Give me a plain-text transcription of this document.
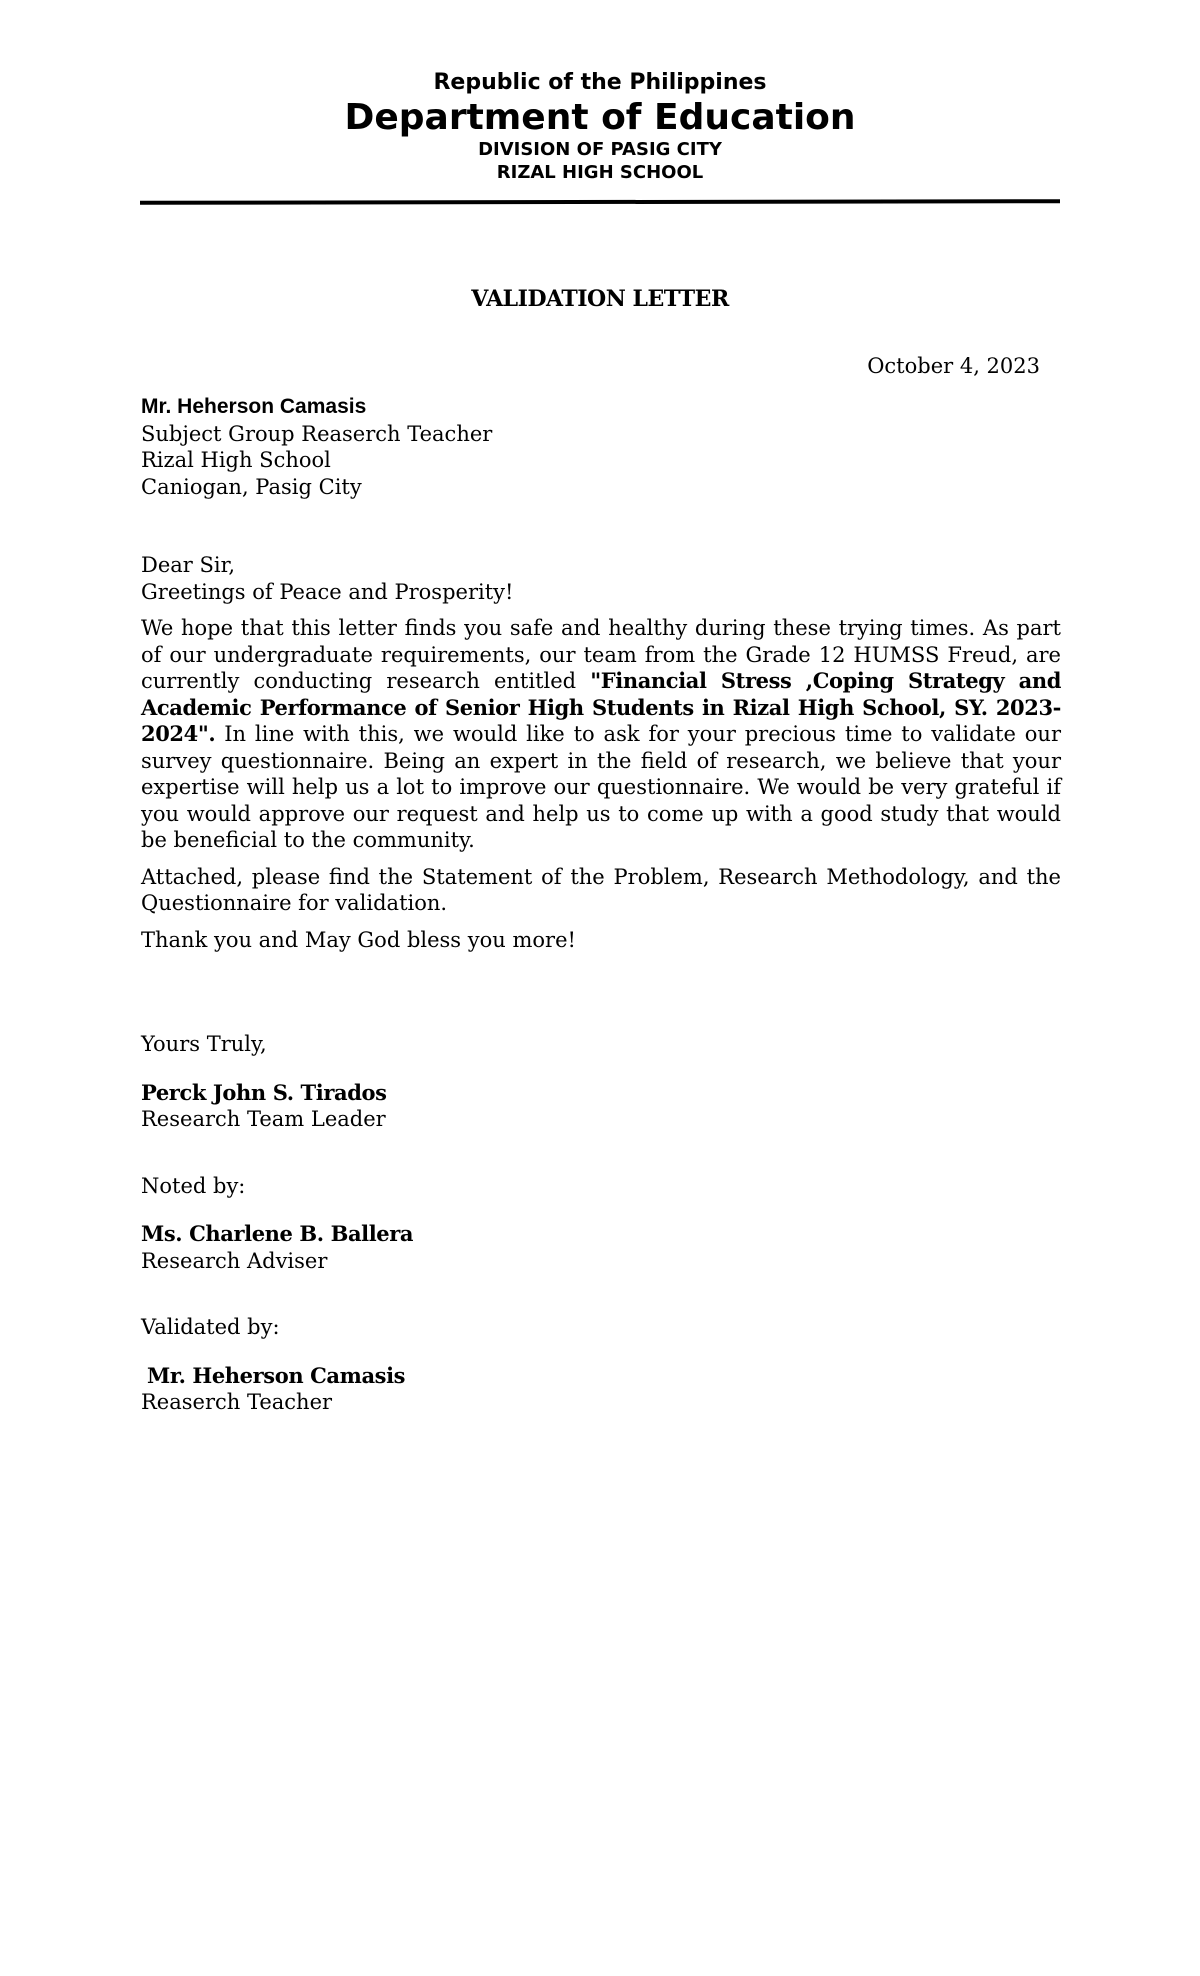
Republic of the Philippines
Department of Education
DIVISION OF PASIG CITY
RIZAL HIGH SCHOOL
VALIDATION LETTER
October 4, 2023
Mr. Heherson Camasis
Subject Group Reaserch Teacher
Rizal High School
Caniogan, Pasig City
Dear Sir,
Greetings of Peace and Prosperity!

We hope that this letter finds you safe and healthy during these trying times. As part of our undergraduate requirements, our team from the Grade 12 HUMSS Freud, are currently conducting research entitled "Financial Stress ,Coping Strategy and Academic Performance of Senior High Students in Rizal High School, SY. 2023-2024". In line with this, we would like to ask for your precious time to validate our survey questionnaire. Being an expert in the field of research, we believe that your expertise will help us a lot to improve our questionnaire. We would be very grateful if you would approve our request and help us to come up with a good study that would be beneficial to the community.

Attached, please find the Statement of the Problem, Research Methodology, and the Questionnaire for validation.

Thank you and May God bless you more!

Yours Truly,
Perck John S. Tirados
Research Team Leader
Noted by:
Ms. Charlene B. Ballera
Research Adviser
Validated by:
Mr. Heherson Camasis
Reaserch Teacher
